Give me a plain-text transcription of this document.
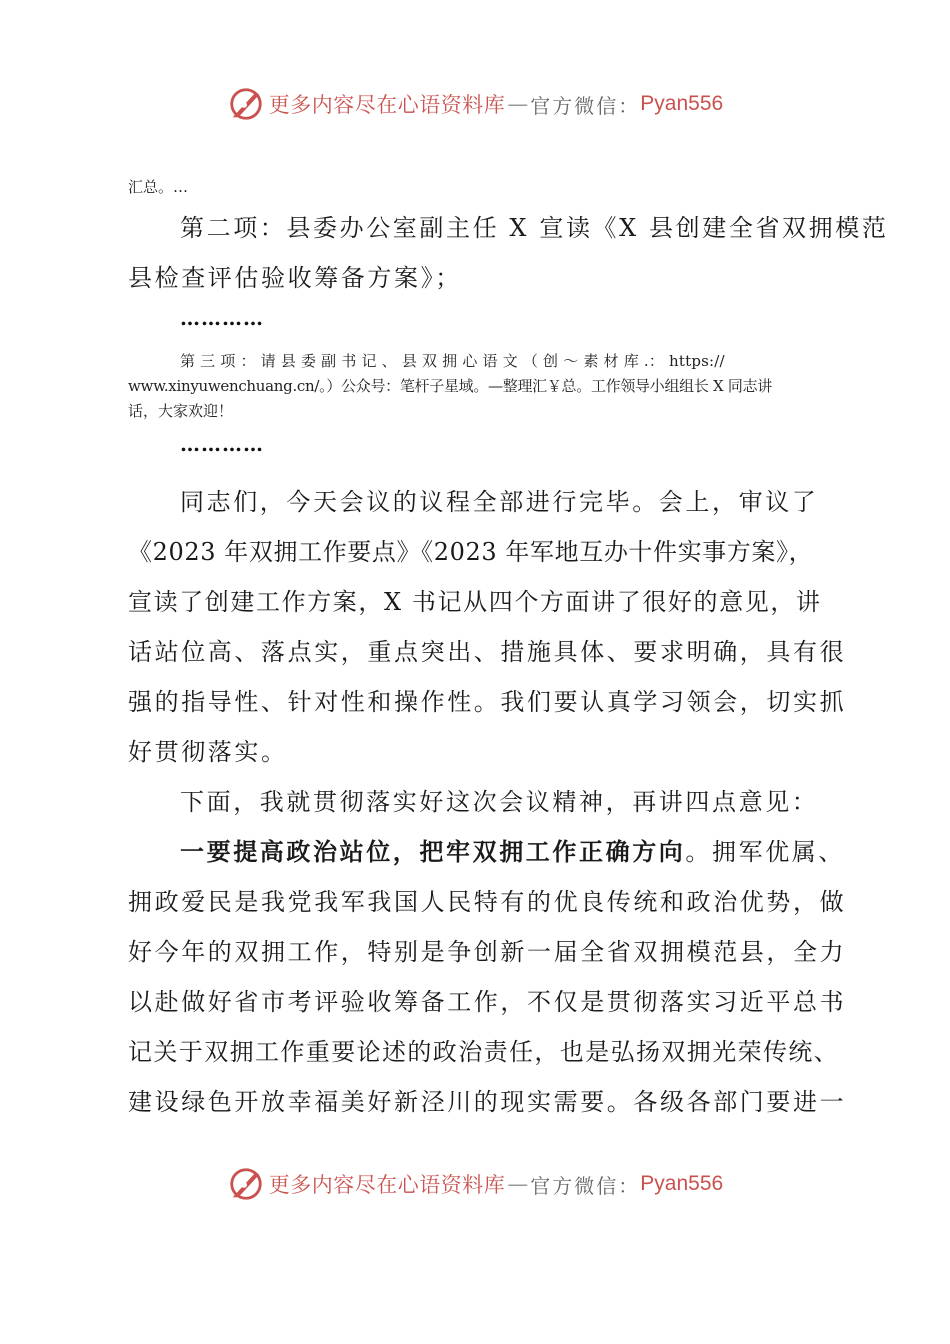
更多内容尽在心语资料库 — 官方微信： Pyan556
汇总。…
第二项：县委办公室副主任 X 宣读《X 县创建全省双拥模范
县检查评估验收筹备方案》；
…………
第 三 项 ： 请 县 委 副 书 记 、 县 双 拥 心 语 文 （ 创 ～ 素 材 库 .： https://
www.xinyuwenchuang.cn/。）公众号：笔杆子星域。—整理汇￥总。工作领导小组组长 X 同志讲
话，大家欢迎！
…………
同志们，今天会议的议程全部进行完毕。会上，审议了
《2023 年双拥工作要点》《2023 年军地互办十件实事方案》，
宣读了创建工作方案，X 书记从四个方面讲了很好的意见，讲
话站位高、落点实，重点突出、措施具体、要求明确，具有很
强的指导性、针对性和操作性。我们要认真学习领会，切实抓
好贯彻落实。
下面，我就贯彻落实好这次会议精神，再讲四点意见：
一要提高政治站位，把牢双拥工作正确方向。拥军优属、
拥政爱民是我党我军我国人民特有的优良传统和政治优势，做
好今年的双拥工作，特别是争创新一届全省双拥模范县，全力
以赴做好省市考评验收筹备工作，不仅是贯彻落实习近平总书
记关于双拥工作重要论述的政治责任，也是弘扬双拥光荣传统、
建设绿色开放幸福美好新泾川的现实需要。各级各部门要进一
更多内容尽在心语资料库 — 官方微信： Pyan556
